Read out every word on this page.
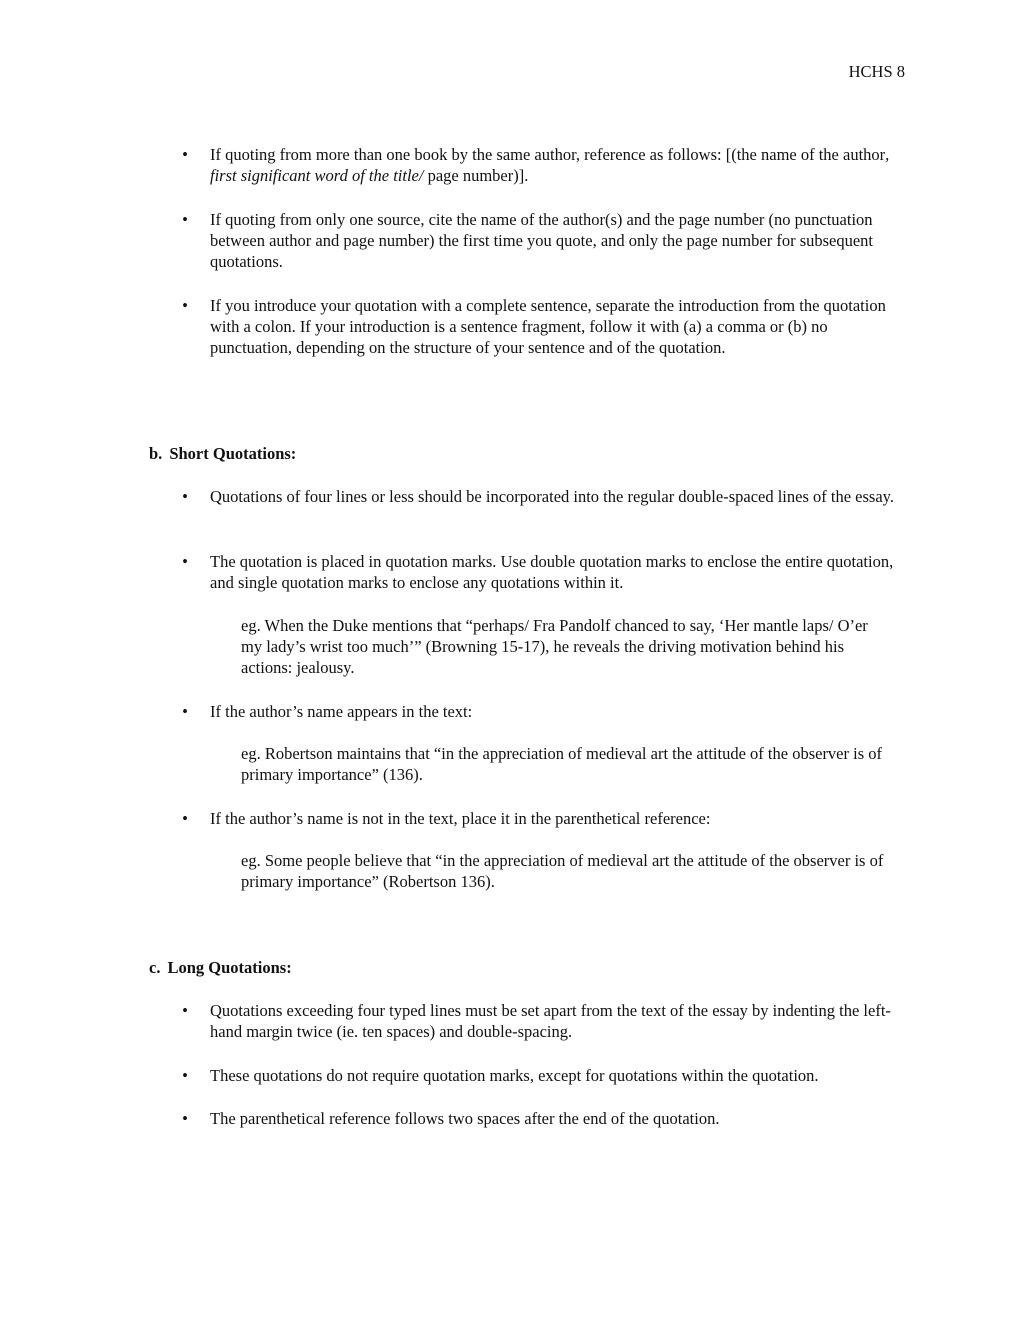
HCHS 8
• If quoting from more than one book by the same author, reference as follows: [(the name of the author, first significant word of the title/ page number)].
• If quoting from only one source, cite the name of the author(s) and the page number (no punctuation between author and page number) the first time you quote, and only the page number for subsequent quotations.
• If you introduce your quotation with a complete sentence, separate the introduction from the quotation with a colon. If your introduction is a sentence fragment, follow it with (a) a comma or (b) no punctuation, depending on the structure of your sentence and of the quotation.
b. Short Quotations:
• Quotations of four lines or less should be incorporated into the regular double-spaced lines of the essay.
• The quotation is placed in quotation marks. Use double quotation marks to enclose the entire quotation, and single quotation marks to enclose any quotations within it.
eg. When the Duke mentions that “perhaps/ Fra Pandolf chanced to say, ‘Her mantle laps/ O’er my lady’s wrist too much’” (Browning 15-17), he reveals the driving motivation behind his actions: jealousy.
• If the author’s name appears in the text:
eg. Robertson maintains that “in the appreciation of medieval art the attitude of the observer is of primary importance” (136).
• If the author’s name is not in the text, place it in the parenthetical reference:
eg. Some people believe that “in the appreciation of medieval art the attitude of the observer is of primary importance” (Robertson 136).
c. Long Quotations:
• Quotations exceeding four typed lines must be set apart from the text of the essay by indenting the left-hand margin twice (ie. ten spaces) and double-spacing.
• These quotations do not require quotation marks, except for quotations within the quotation.
• The parenthetical reference follows two spaces after the end of the quotation.
